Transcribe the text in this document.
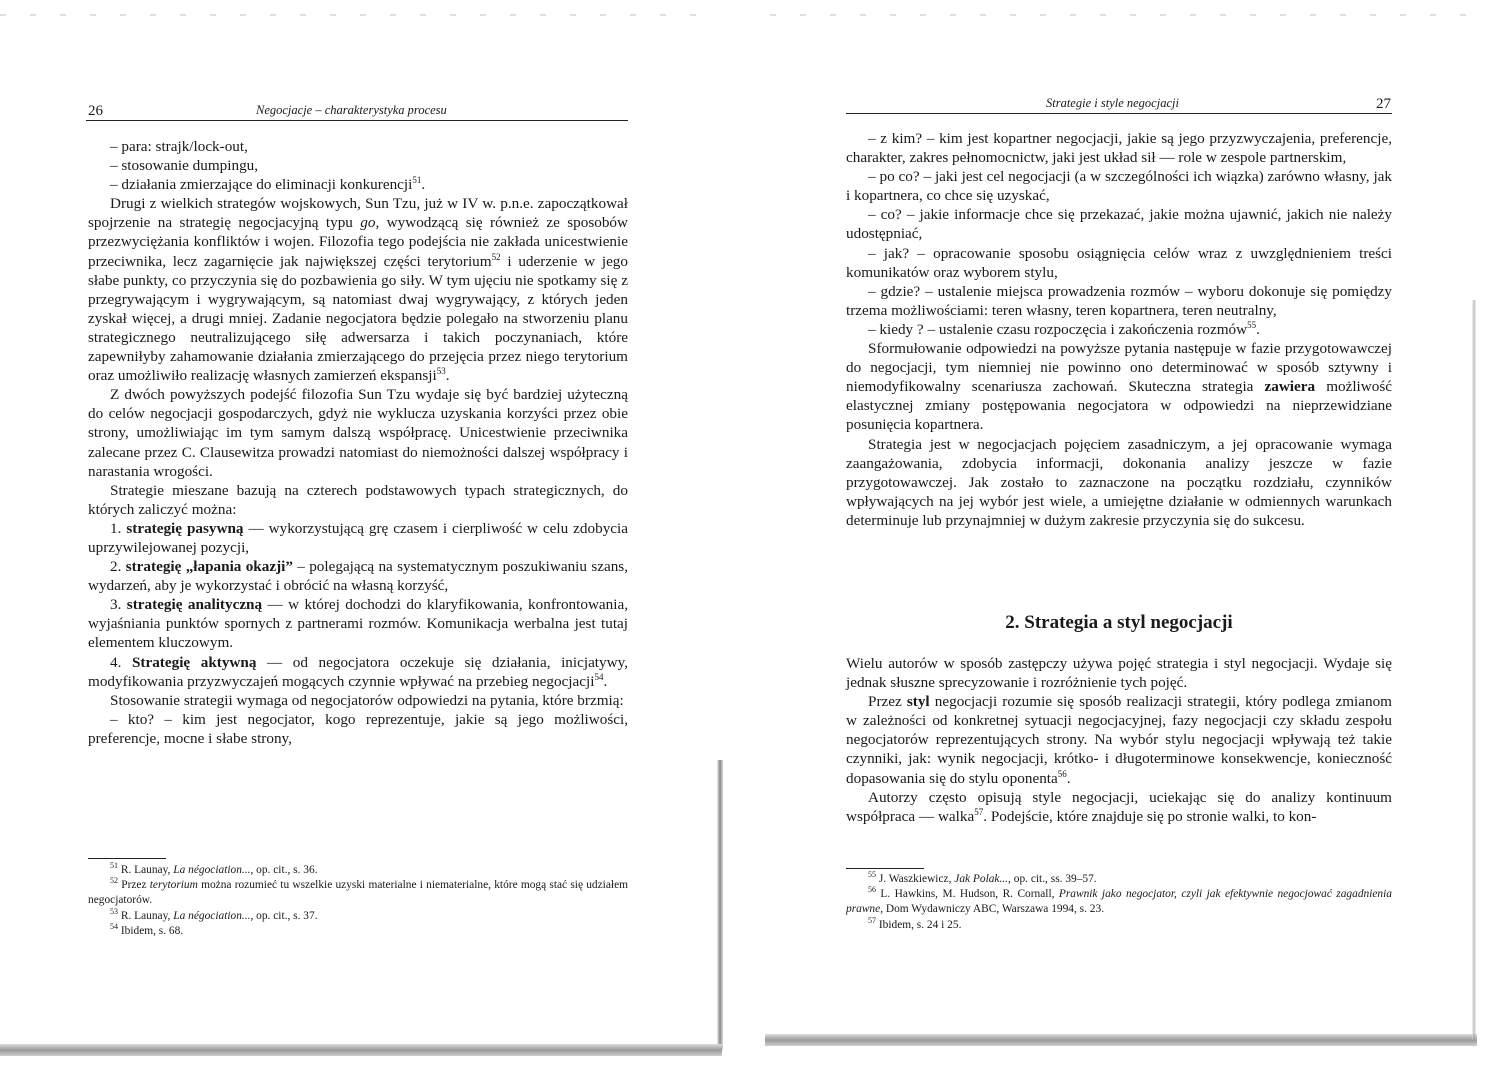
26	Negocjacje – charakterystyka procesu

– para: strajk/lock-out,

– stosowanie dumpingu,

– działania zmierzające do eliminacji konkurencji$^{51}$.

Drugi z wielkich strategów wojskowych, Sun Tzu, już w IV w. p.n.e. zapoczątkował spojrzenie na strategię negocjacyjną typu go, wywodzącą się również ze sposobów przezwyciężania konfliktów i wojen. Filozofia tego podejścia nie zakłada unicestwienie przeciwnika, lecz zagarnięcie jak największej części terytorium$^{52}$ i uderzenie w jego słabe punkty, co przyczynia się do pozbawienia go siły. W tym ujęciu nie spotkamy się z przegrywającym i wygrywającym, są natomiast dwaj wygrywający, z których jeden zyskał więcej, a drugi mniej. Zadanie negocjatora będzie polegało na stworzeniu planu strategicznego neutralizującego siłę adwersarza i takich poczynaniach, które zapewniłyby zahamowanie działania zmierzającego do przejęcia przez niego terytorium oraz umożliwiło realizację własnych zamierzeń ekspansji$^{53}$.

Z dwóch powyższych podejść filozofia Sun Tzu wydaje się być bardziej użyteczną do celów negocjacji gospodarczych, gdyż nie wyklucza uzyskania korzyści przez obie strony, umożliwiając im tym samym dalszą współpracę. Unicestwienie przeciwnika zalecane przez C. Clausewitza prowadzi natomiast do niemożności dalszej współpracy i narastania wrogości.

Strategie mieszane bazują na czterech podstawowych typach strategicznych, do których zaliczyć można:

1. strategię pasywną — wykorzystującą grę czasem i cierpliwość w celu zdobycia uprzywilejowanej pozycji,

2. strategię „łapania okazji” – polegającą na systematycznym poszukiwaniu szans, wydarzeń, aby je wykorzystać i obrócić na własną korzyść,

3. strategię analityczną — w której dochodzi do klaryfikowania, konfrontowania, wyjaśniania punktów spornych z partnerami rozmów. Komunikacja werbalna jest tutaj elementem kluczowym.

4. Strategię aktywną — od negocjatora oczekuje się działania, inicjatywy, modyfikowania przyzwyczajeń mogących czynnie wpływać na przebieg negocjacji$^{54}$.

Stosowanie strategii wymaga od negocjatorów odpowiedzi na pytania, które brzmią:

– kto? – kim jest negocjator, kogo reprezentuje, jakie są jego możliwości, preferencje, mocne i słabe strony,

$^{51}$ R. Launay, La négociation..., op. cit., s. 36.

$^{52}$ Przez terytorium można rozumieć tu wszelkie uzyski materialne i niematerialne, które mogą stać się udziałem negocjatorów.

$^{53}$ R. Launay, La négociation..., op. cit., s. 37.

$^{54}$ Ibidem, s. 68.

Strategie i style negocjacji	27

– z kim? – kim jest kopartner negocjacji, jakie są jego przyzwyczajenia, preferencje, charakter, zakres pełnomocnictw, jaki jest układ sił — role w zespole partnerskim,

– po co? – jaki jest cel negocjacji (a w szczególności ich wiązka) zarówno własny, jak i kopartnera, co chce się uzyskać,

– co? – jakie informacje chce się przekazać, jakie można ujawnić, jakich nie należy udostępniać,

– jak? – opracowanie sposobu osiągnięcia celów wraz z uwzględnieniem treści komunikatów oraz wyborem stylu,

– gdzie? – ustalenie miejsca prowadzenia rozmów – wyboru dokonuje się pomiędzy trzema możliwościami: teren własny, teren kopartnera, teren neutralny,

– kiedy ? – ustalenie czasu rozpoczęcia i zakończenia rozmów$^{55}$.

Sformułowanie odpowiedzi na powyższe pytania następuje w fazie przygotowawczej do negocjacji, tym niemniej nie powinno ono determinować w sposób sztywny i niemodyfikowalny scenariusza zachowań. Skuteczna strategia zawiera możliwość elastycznej zmiany postępowania negocjatora w odpowiedzi na nieprzewidziane posunięcia kopartnera.

Strategia jest w negocjacjach pojęciem zasadniczym, a jej opracowanie wymaga zaangażowania, zdobycia informacji, dokonania analizy jeszcze w fazie przygotowawczej. Jak zostało to zaznaczone na początku rozdziału, czynników wpływających na jej wybór jest wiele, a umiejętne działanie w odmiennych warunkach determinuje lub przynajmniej w dużym zakresie przyczynia się do sukcesu.

2. Strategia a styl negocjacji

Wielu autorów w sposób zastępczy używa pojęć strategia i styl negocjacji. Wydaje się jednak słuszne sprecyzowanie i rozróżnienie tych pojęć.

Przez styl negocjacji rozumie się sposób realizacji strategii, który podlega zmianom w zależności od konkretnej sytuacji negocjacyjnej, fazy negocjacji czy składu zespołu negocjatorów reprezentujących strony. Na wybór stylu negocjacji wpływają też takie czynniki, jak: wynik negocjacji, krótko- i długoterminowe konsekwencje, konieczność dopasowania się do stylu oponenta$^{56}$.

Autorzy często opisują style negocjacji, uciekając się do analizy kontinuum współpraca — walka$^{57}$. Podejście, które znajduje się po stronie walki, to kon-

$^{55}$ J. Waszkiewicz, Jak Polak..., op. cit., ss. 39–57.

$^{56}$ L. Hawkins, M. Hudson, R. Cornall, Prawnik jako negocjator, czyli jak efektywnie negocjować zagadnienia prawne, Dom Wydawniczy ABC, Warszawa 1994, s. 23.

$^{57}$ Ibidem, s. 24 i 25.
